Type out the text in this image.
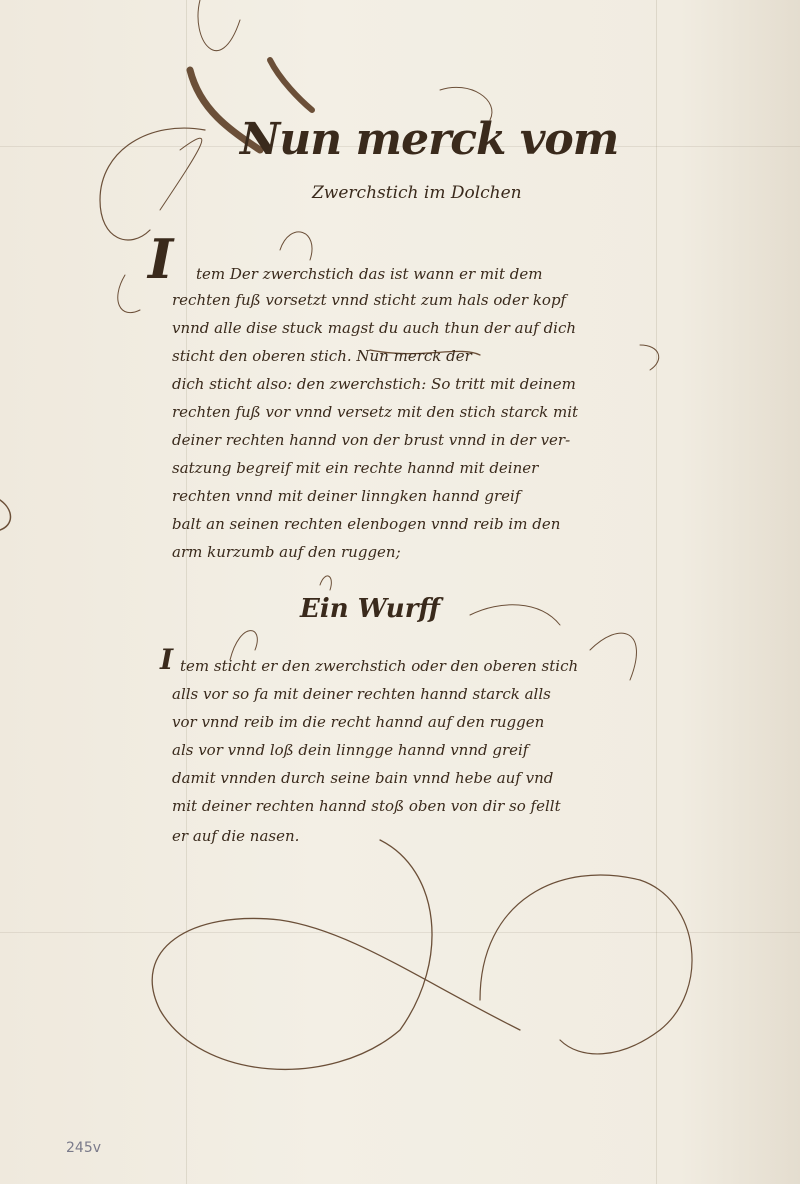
Nun merck vom
Zwerchstich im Dolchen
I tem Der zwerchstich das ist wann er mit dem
rechten fuß vorsetzt vnnd sticht zum hals oder kopf
vnnd alle dise stuck magst du auch thun der auf dich
sticht den oberen stich. Nun merck der
dich sticht also: den zwerchstich: So tritt mit deinem
rechten fuß vor vnnd versetz mit den stich starck mit
deiner rechten hannd von der brust vnnd in der ver-
satzung begreif mit ein rechte hannd mit deiner
rechten vnnd mit deiner linngken hannd greif
balt an seinen rechten elenbogen vnnd reib im den
arm kurzumb auf den ruggen;
Ein Wurff
I tem sticht er den zwerchstich oder den oberen stich
alls vor so fa mit deiner rechten hannd starck alls
vor vnnd reib im die recht hannd auf den ruggen
als vor vnnd loß dein linngge hannd vnnd greif
damit vnnden durch seine bain vnnd hebe auf vnd
mit deiner rechten hannd stoß oben von dir so fellt
er auf die nasen.
245v
